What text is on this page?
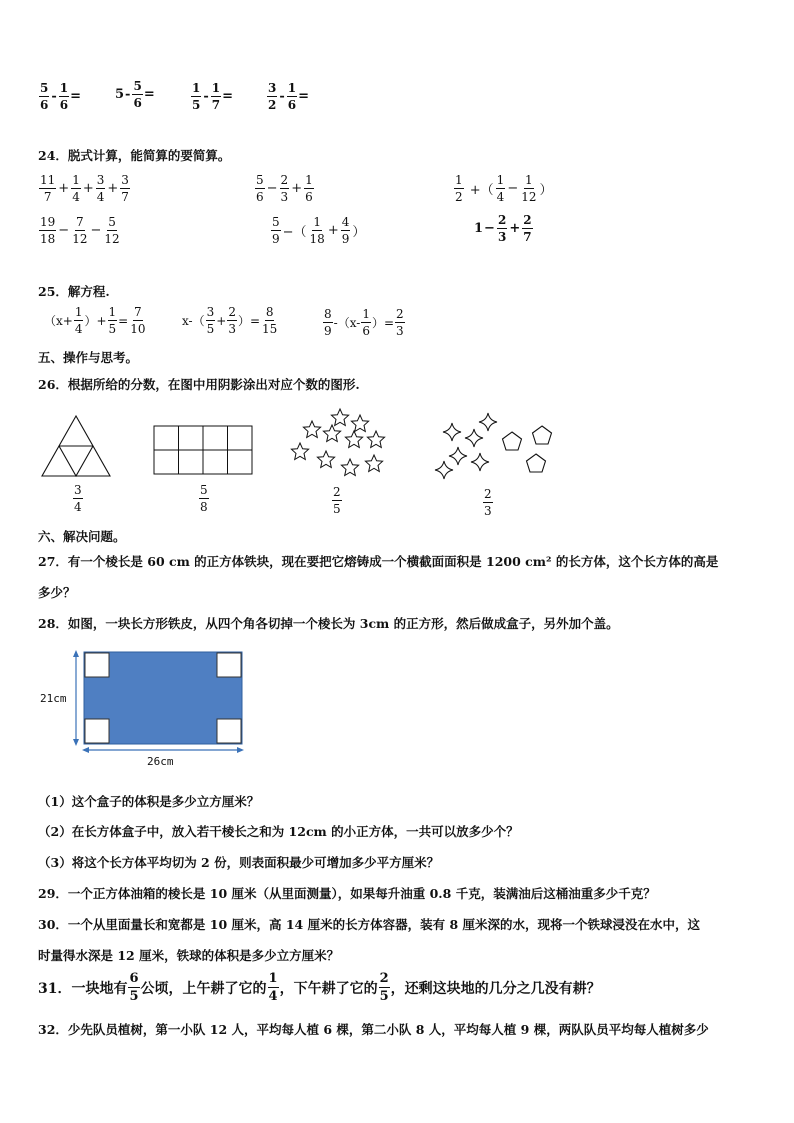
$\frac{5}{6} - \frac{1}{6}$ =	$5 - \frac{5}{6}$ =	$\frac{1}{5} - \frac{1}{7}$ =	$\frac{3}{2} - \frac{1}{6}$ =
24．脱式计算，能简算的要简算。
$\frac{11}{7} + \frac{1}{4} + \frac{3}{4} + \frac{3}{7}$	$\frac{5}{6} - \frac{2}{3} + \frac{1}{6}$	$\frac{1}{2}$ +（ $\frac{1}{4} - \frac{1}{12}$ ）
$\frac{19}{18} - \frac{7}{12} - \frac{5}{12}$	$\frac{5}{9}$ −（ $\frac{1}{18} + \frac{4}{9}$ ）	$1 - \frac{2}{3} + \frac{2}{7}$
25．解方程.
（$x+ \frac{1}{4}$ ）+ $\frac{1}{5} = \frac{7}{10}$	$x-( \frac{3}{5} + \frac{2}{3}$ ）= $\frac{8}{15}$	$\frac{8}{9} -(x- \frac{1}{6}$ ）= $\frac{2}{3}$
五、操作与思考。
26．根据所给的分数，在图中用阴影涂出对应个数的图形.
$\frac{3}{4}$	$\frac{5}{8}$	$\frac{2}{5}$	$\frac{2}{3}$
六、解决问题。
27．有一个棱长是 60 cm 的正方体铁块，现在要把它熔铸成一个横截面面积是 1200 cm² 的长方体，这个长方体的高是
多少？
28．如图，一块长方形铁皮，从四个角各切掉一个棱长为 3cm 的正方形，然后做成盒子，另外加个盖。
21cm
26cm
（1）这个盒子的体积是多少立方厘米？
（2）在长方体盒子中，放入若干棱长之和为 12cm 的小正方体，一共可以放多少个？
（3）将这个长方体平均切为 2 份，则表面积最少可增加多少平方厘米？
29．一个正方体油箱的棱长是 10 厘米（从里面测量），如果每升油重 0.8 千克，装满油后这桶油重多少千克？
30．一个从里面量长和宽都是 10 厘米，高 14 厘米的长方体容器，装有 8 厘米深的水，现将一个铁球浸没在水中，这
时量得水深是 12 厘米，铁球的体积是多少立方厘米？
31．一块地有 $\frac{6}{5}$ 公顷，上午耕了它的 $\frac{1}{4}$ ，下午耕了它的 $\frac{2}{5}$ ，还剩这块地的几分之几没有耕？
32．少先队员植树，第一小队 12 人，平均每人植 6 棵，第二小队 8 人，平均每人植 9 棵，两队队员平均每人植树多少
